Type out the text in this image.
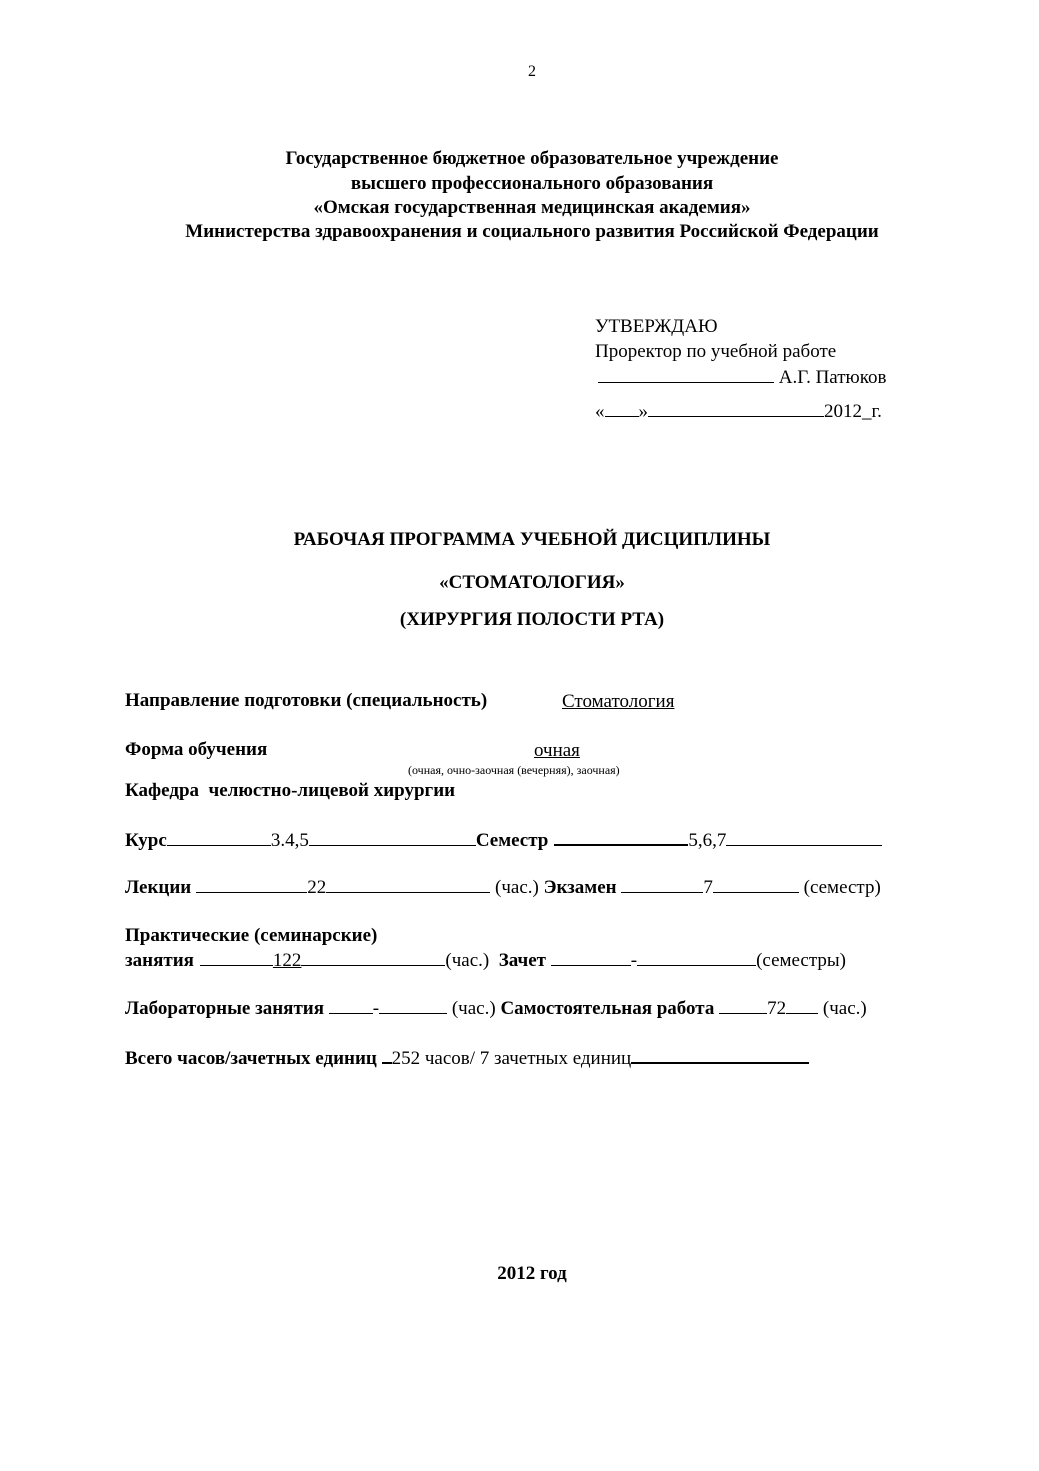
2
Государственное бюджетное образовательное учреждение
высшего профессионального образования
«Омская государственная медицинская академия»
Министерства здравоохранения и социального развития Российской Федерации
УТВЕРЖДАЮ
Проректор по учебной работе
А.Г. Патюков
« »	2012_г.
РАБОЧАЯ ПРОГРАММА УЧЕБНОЙ ДИСЦИПЛИНЫ
«СТОМАТОЛОГИЯ»
(ХИРУРГИЯ ПОЛОСТИ РТА)
Направление подготовки (специальность)	Стоматология
Форма обучения	очная
(очная, очно-заочная (вечерняя), заочная)
Кафедра челюстно-лицевой хирургии
Курс	3.4,5	Семестр	5,6,7
Лекции	22	(час.) Экзамен	7	(семестр)
Практические (семинарские)
занятия	122	(час.) Зачет	-	(семестры)
Лабораторные занятия	-	(час.) Самостоятельная работа	72 (час.)
Всего часов/зачетных единиц 252 часов/ 7 зачетных единиц
2012 год
